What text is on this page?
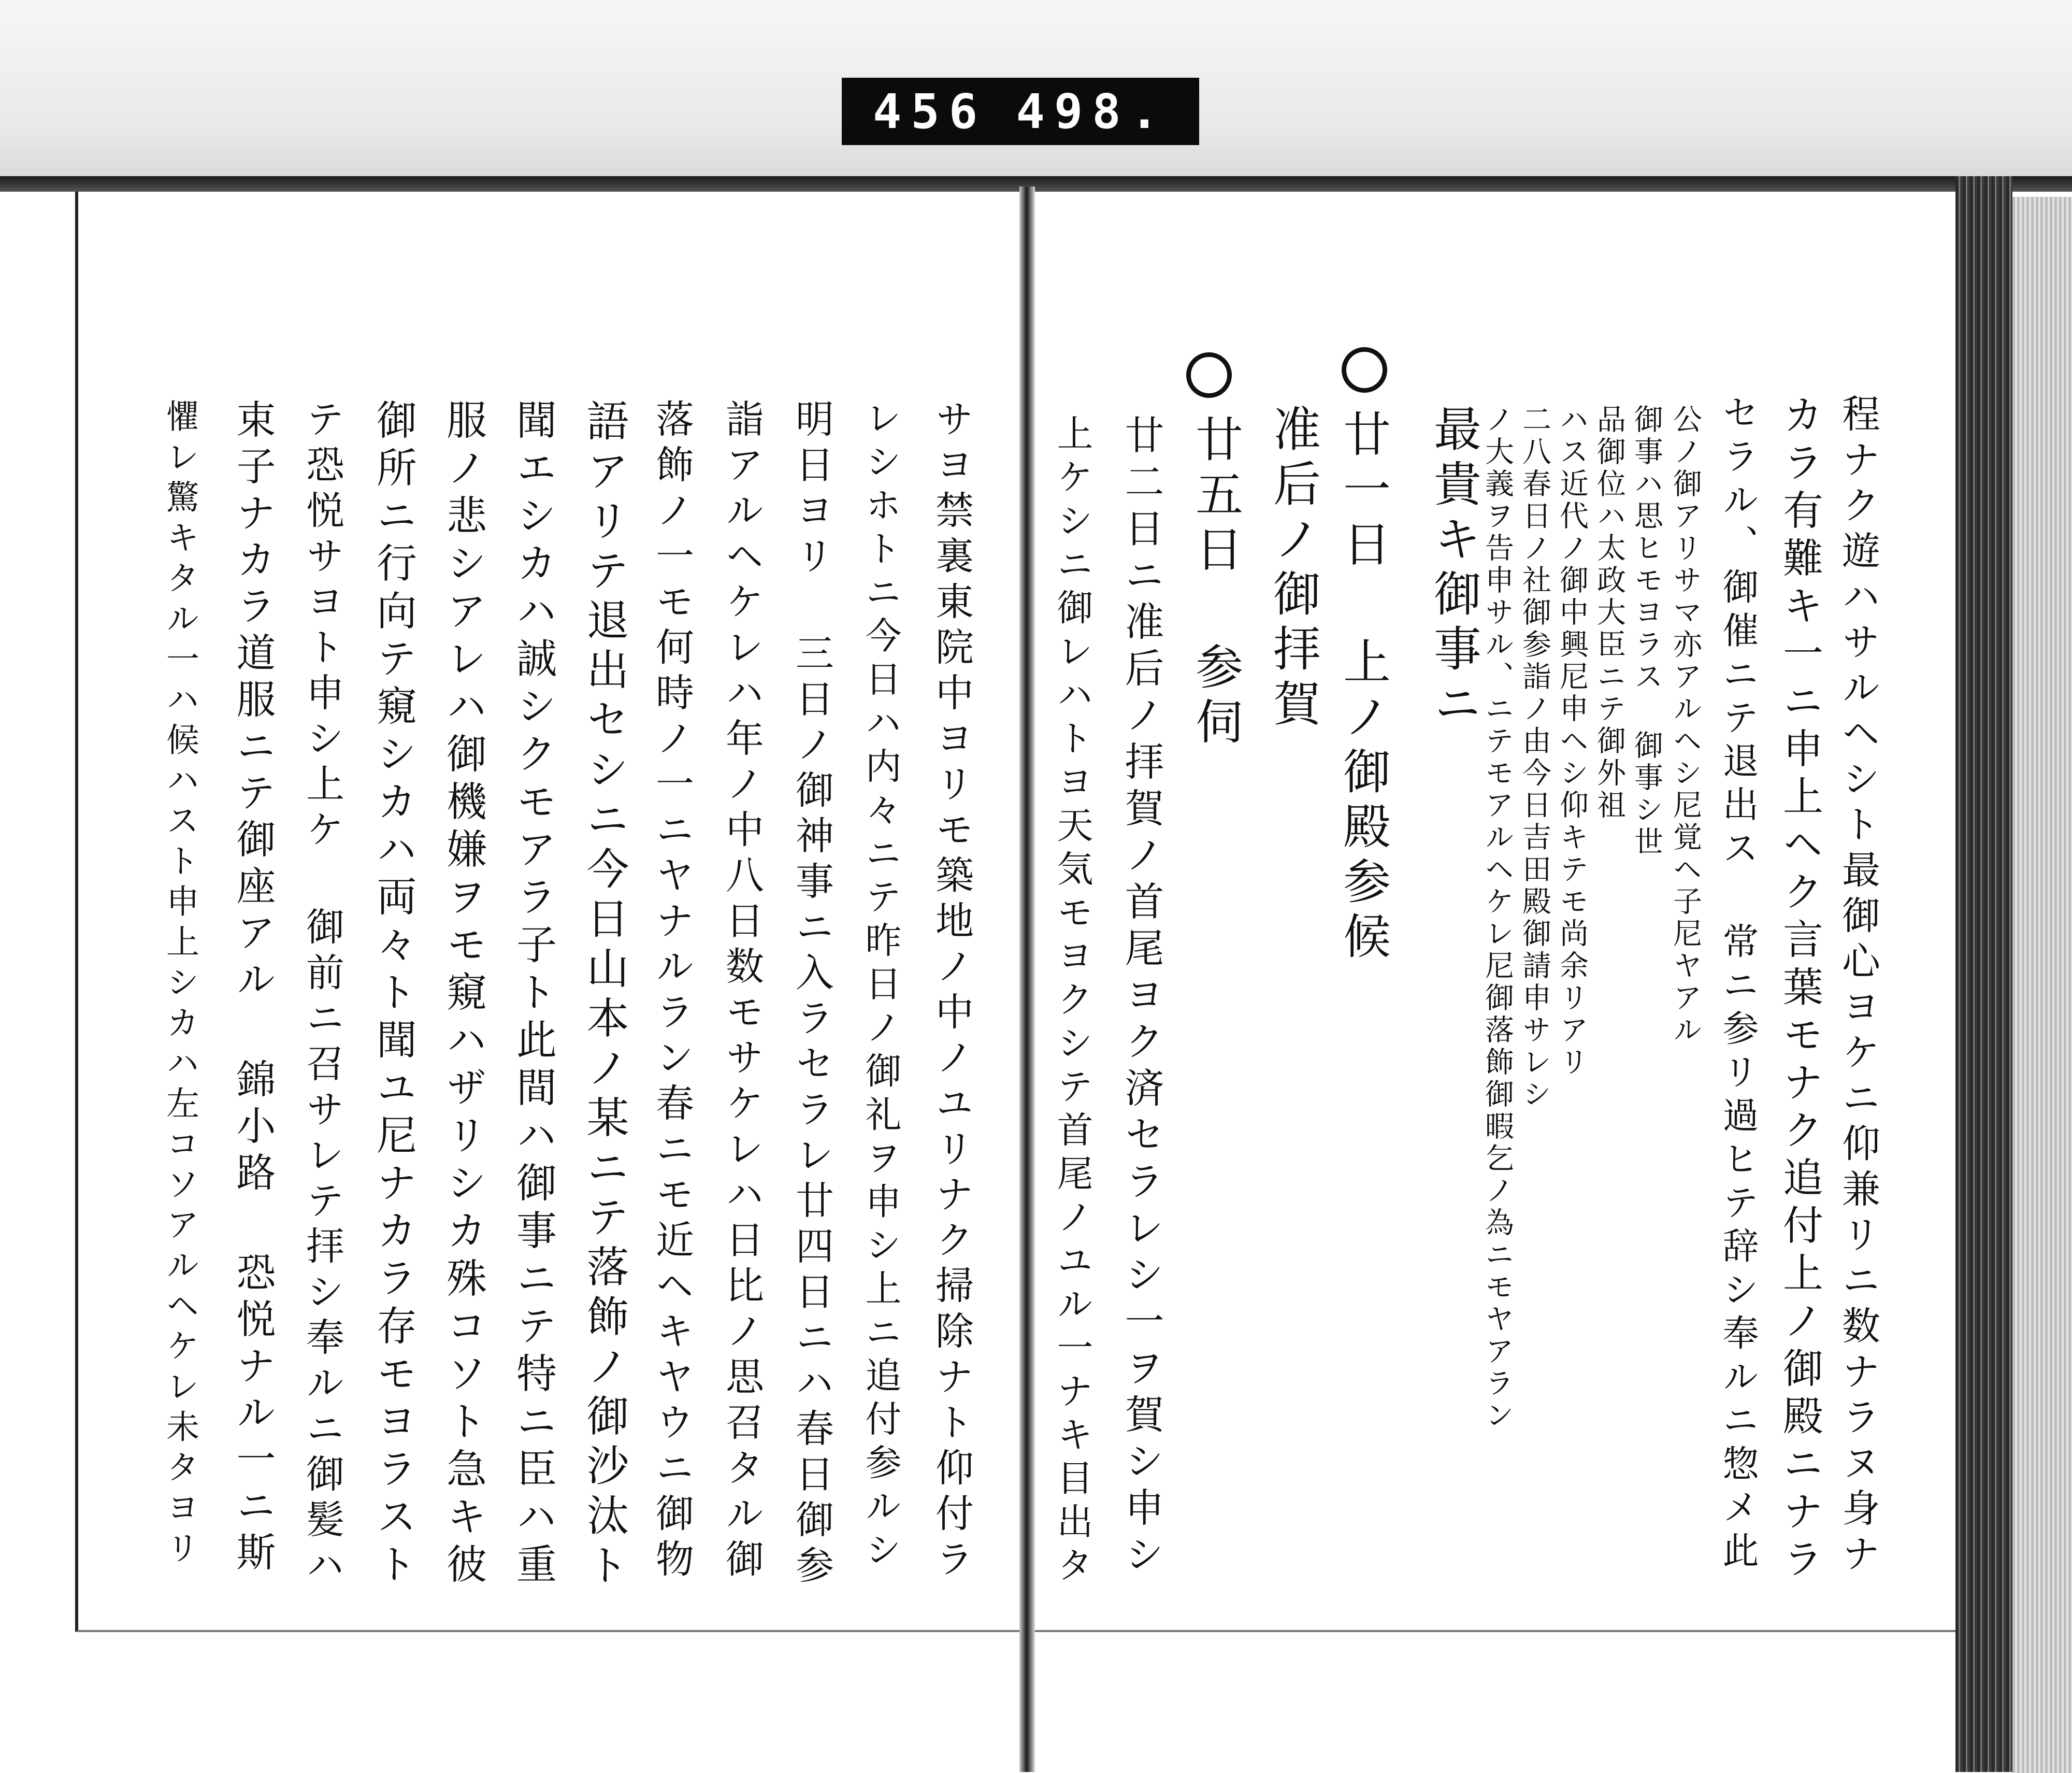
456 498.
程ナク遊ハサルヘシト最御心ヨケニ仰兼リニ数ナラヌ身ナ
カラ有難キ一ニ申上ヘク言葉モナク追付上ノ御殿ニナラ
セラル、御催ニテ退出ス 常ニ参リ過ヒテ辞シ奉ルニ惣メ此
公ノ御アリサマ亦アルヘシ尼覚ヘ子尼ヤアル
御事ハ思ヒモヨラス 御事シ世
品御位ハ太政大臣ニテ御外祖
ハス近代ノ御中興尼申ヘシ仰キテモ尚余リアリ
二八春日ノ社御参詣ノ由今日吉田殿御請申サレシ
ノ大義ヲ告申サル、ニテモアルヘケレ尼御落飾御暇乞ノ為ニモヤアラン
最貴キ御事ニ
廿一日 上ノ御殿参候
准后ノ御拝賀
廿五日 参伺
廿二日ニ准后ノ拝賀ノ首尾ヨク済セラレシ一ヲ賀シ申シ
上ケシニ御レハトヨ天気モヨクシテ首尾ノユル一ナキ目出タ
サヨ禁裏東院中ヨリモ築地ノ中ノユリナク掃除ナト仰付ラ
レシホトニ今日ハ内々ニテ昨日ノ御礼ヲ申シ上ニ追付参ルシ
明日ヨリ 三日ノ御神事ニ入ラセラレ廿四日ニハ春日御参
詣アルヘケレハ年ノ中八日数モサケレハ日比ノ思召タル御
落飾ノ一モ何時ノ一ニヤナルラン春ニモ近ヘキヤウニ御物
語アリテ退出セシニ今日山本ノ某ニテ落飾ノ御沙汰ト
聞エシカハ誠シクモアラ子ト此間ハ御事ニテ特ニ臣ハ重
服ノ悲シアレハ御機嫌ヲモ窺ハザリシカ殊コソト急キ彼
御所ニ行向テ窺シカハ両々ト聞ユ尼ナカラ存モヨラスト
テ恐悦サヨト申シ上ケ 御前ニ召サレテ拝シ奉ルニ御髪ハ
束子ナカラ道服ニテ御座アル 錦小路 恐悦ナル一ニ斯
懼レ驚キタル一ハ候ハスト申上シカハ左コソアルヘケレ未タヨリ
